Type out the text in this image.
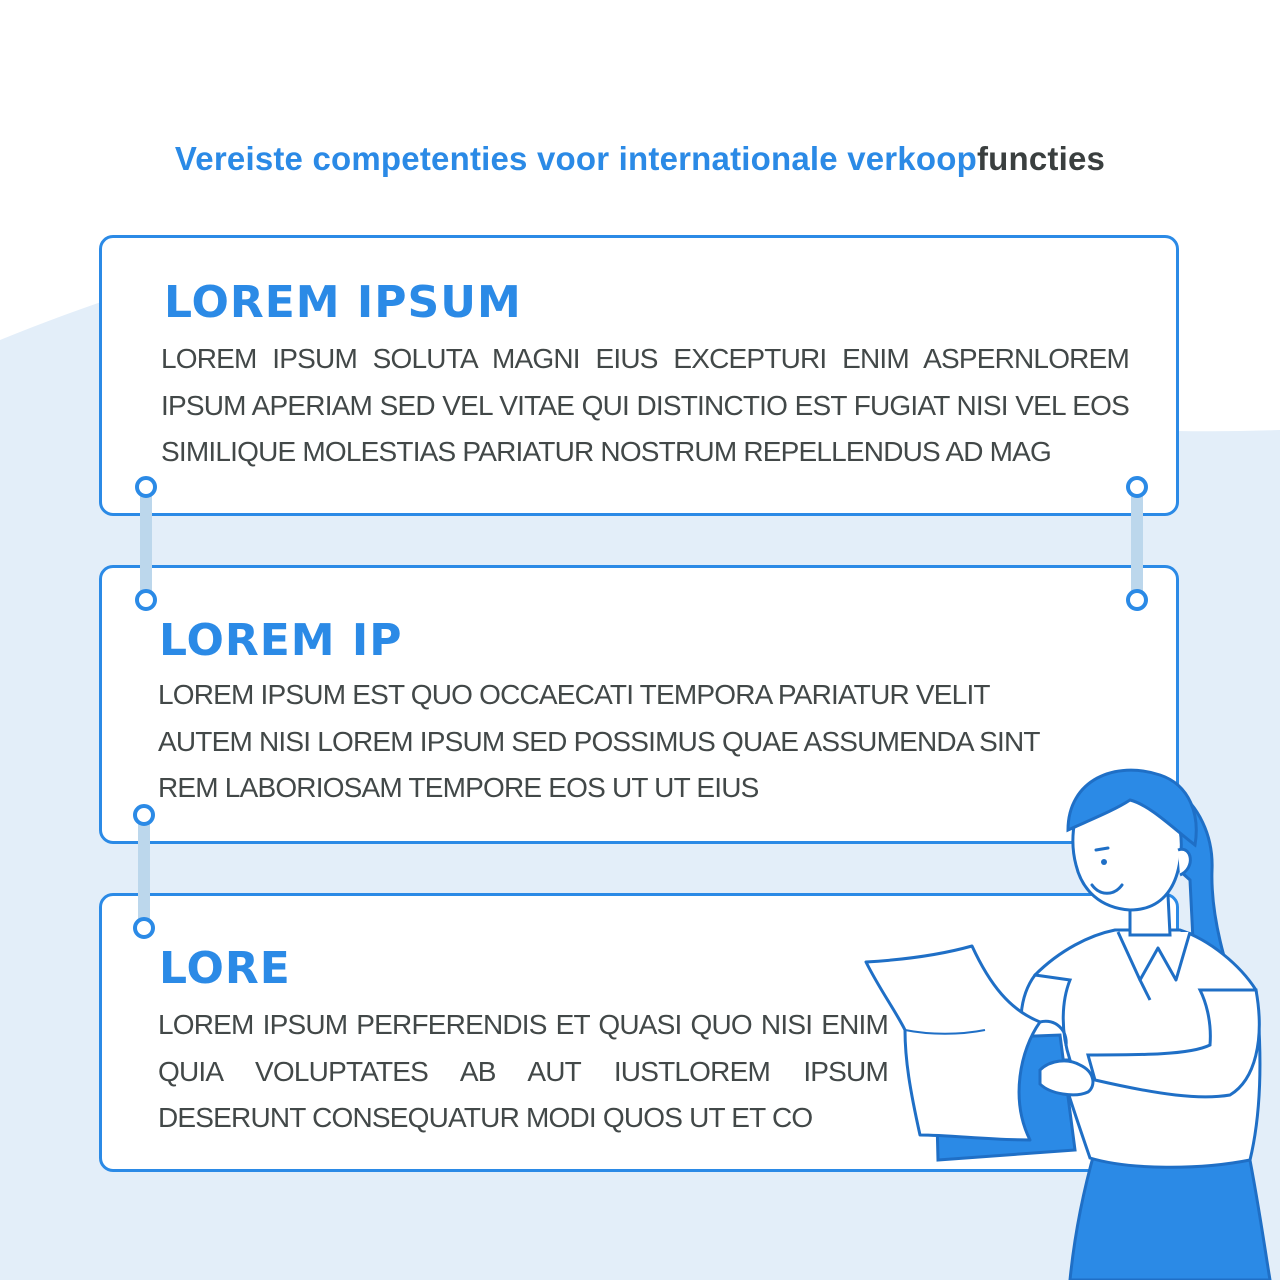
Vereiste competenties voor internationale verkoopfuncties
LOREM IPSUM

LOREM IPSUM SOLUTA MAGNI EIUS EXCEPTURI ENIM ASPERNLOREM IPSUM APERIAM SED VEL VITAE QUI DISTINCTIO EST FUGIAT NISI VEL EOS SIMILIQUE MOLESTIAS PARIATUR NOSTRUM REPELLENDUS AD MAG

LOREM IP

LOREM IPSUM EST QUO OCCAECATI TEMPORA PARIATUR VELIT AUTEM NISI LOREM IPSUM SED POSSIMUS QUAE ASSUMENDA SINT REM LABORIOSAM TEMPORE EOS UT UT EIUS

LORE

LOREM IPSUM PERFERENDIS ET QUASI QUO NISI ENIM QUIA VOLUPTATES AB AUT IUSTLOREM IPSUM DESERUNT CONSEQUATUR MODI QUOS UT ET CO
